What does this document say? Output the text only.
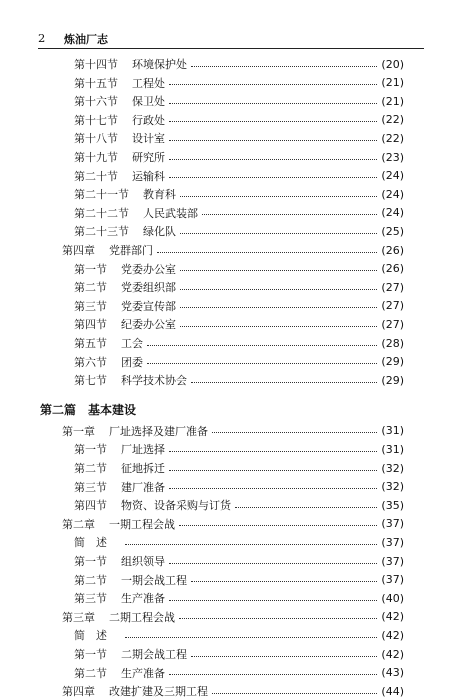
2 炼油厂志
第十四节 环境保护处	(20)
第十五节 工程处	(21)
第十六节 保卫处	(21)
第十七节 行政处	(22)
第十八节 设计室	(22)
第十九节 研究所	(23)
第二十节 运输科	(24)
第二十一节 教育科	(24)
第二十二节 人民武装部	(24)
第二十三节 绿化队	(25)
第四章 党群部门	(26)
第一节 党委办公室	(26)
第二节 党委组织部	(27)
第三节 党委宣传部	(27)
第四节 纪委办公室	(27)
第五节 工会	(28)
第六节 团委	(29)
第七节 科学技术协会	(29)
第二篇 基本建设
第一章 厂址选择及建厂准备	(31)
第一节 厂址选择	(31)
第二节 征地拆迁	(32)
第三节 建厂准备	(32)
第四节 物资、设备采购与订货	(35)
第二章 一期工程会战	(37)
简　述	(37)
第一节 组织领导	(37)
第二节 一期会战工程	(37)
第三节 生产准备	(40)
第三章 二期工程会战	(42)
简　述	(42)
第一节 二期会战工程	(42)
第二节 生产准备	(43)
第四章 改建扩建及三期工程	(44)
